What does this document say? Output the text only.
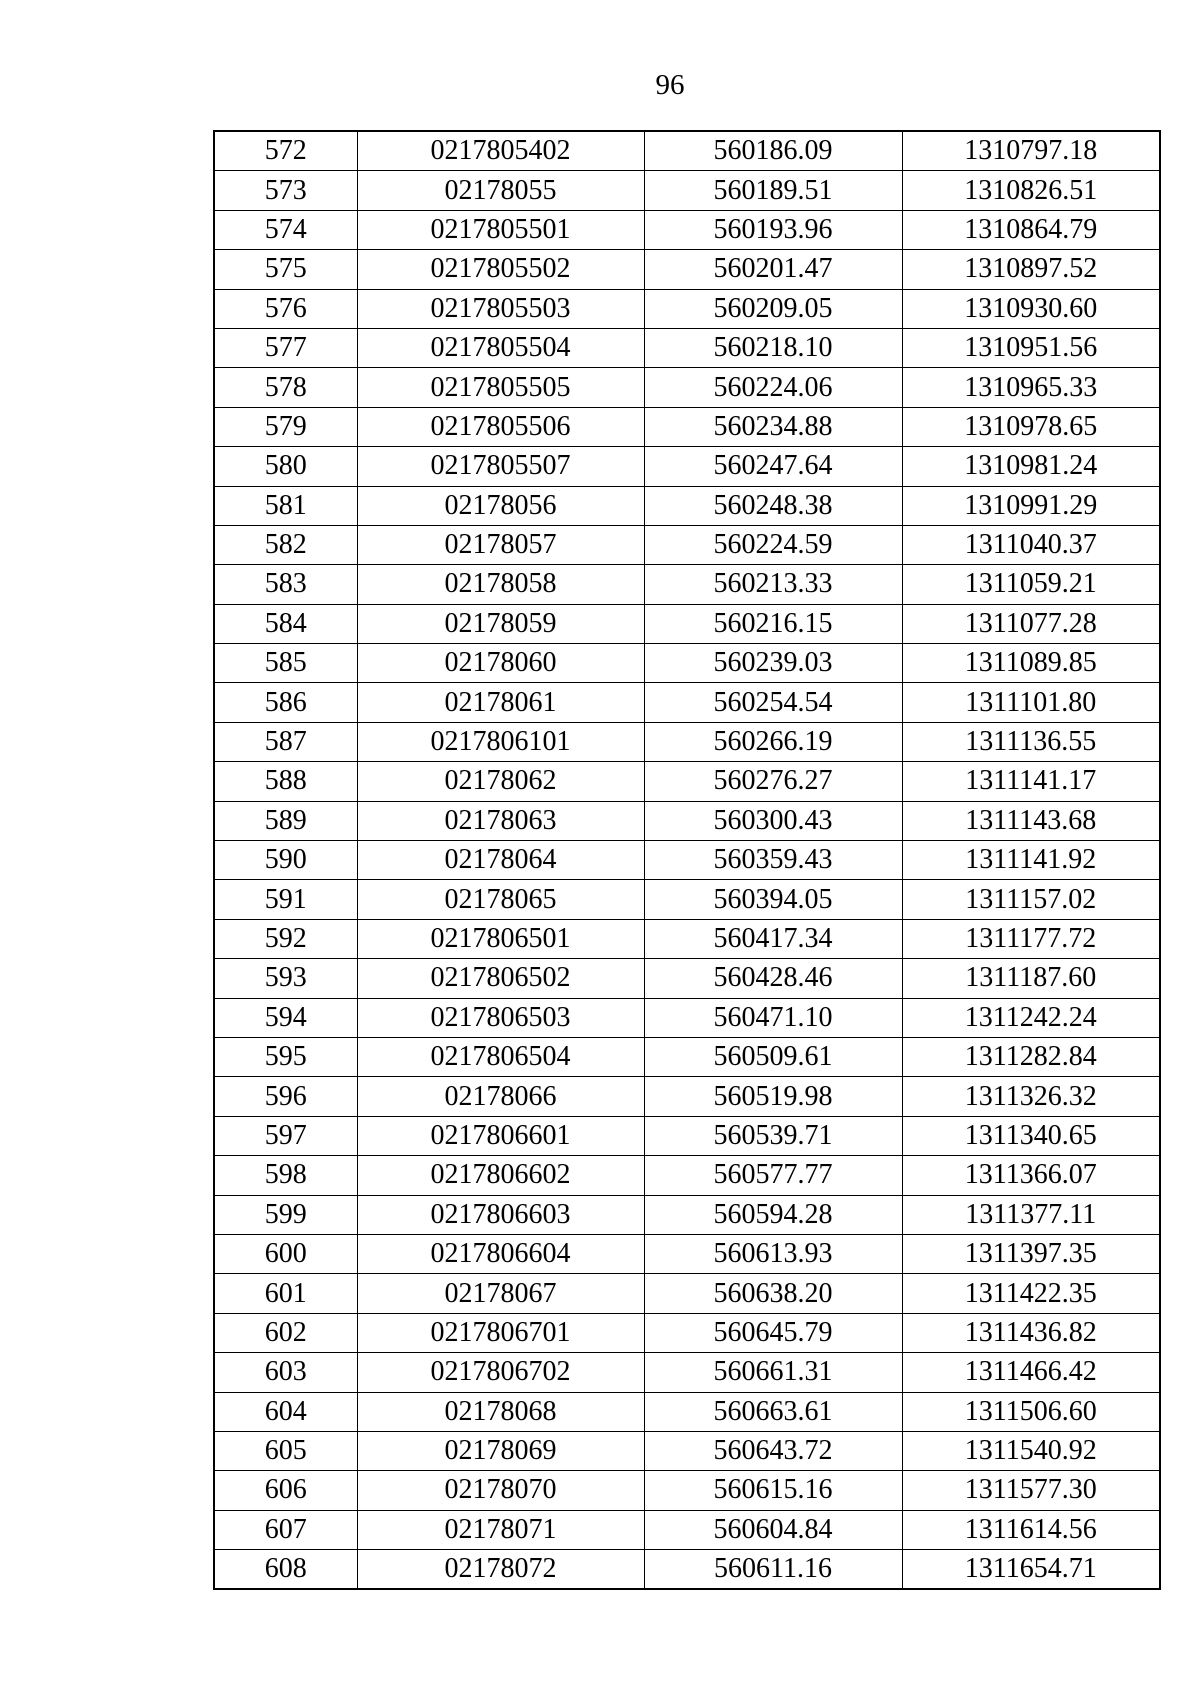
96
572	0217805402	560186.09	1310797.18
573	02178055	560189.51	1310826.51
574	0217805501	560193.96	1310864.79
575	0217805502	560201.47	1310897.52
576	0217805503	560209.05	1310930.60
577	0217805504	560218.10	1310951.56
578	0217805505	560224.06	1310965.33
579	0217805506	560234.88	1310978.65
580	0217805507	560247.64	1310981.24
581	02178056	560248.38	1310991.29
582	02178057	560224.59	1311040.37
583	02178058	560213.33	1311059.21
584	02178059	560216.15	1311077.28
585	02178060	560239.03	1311089.85
586	02178061	560254.54	1311101.80
587	0217806101	560266.19	1311136.55
588	02178062	560276.27	1311141.17
589	02178063	560300.43	1311143.68
590	02178064	560359.43	1311141.92
591	02178065	560394.05	1311157.02
592	0217806501	560417.34	1311177.72
593	0217806502	560428.46	1311187.60
594	0217806503	560471.10	1311242.24
595	0217806504	560509.61	1311282.84
596	02178066	560519.98	1311326.32
597	0217806601	560539.71	1311340.65
598	0217806602	560577.77	1311366.07
599	0217806603	560594.28	1311377.11
600	0217806604	560613.93	1311397.35
601	02178067	560638.20	1311422.35
602	0217806701	560645.79	1311436.82
603	0217806702	560661.31	1311466.42
604	02178068	560663.61	1311506.60
605	02178069	560643.72	1311540.92
606	02178070	560615.16	1311577.30
607	02178071	560604.84	1311614.56
608	02178072	560611.16	1311654.71
